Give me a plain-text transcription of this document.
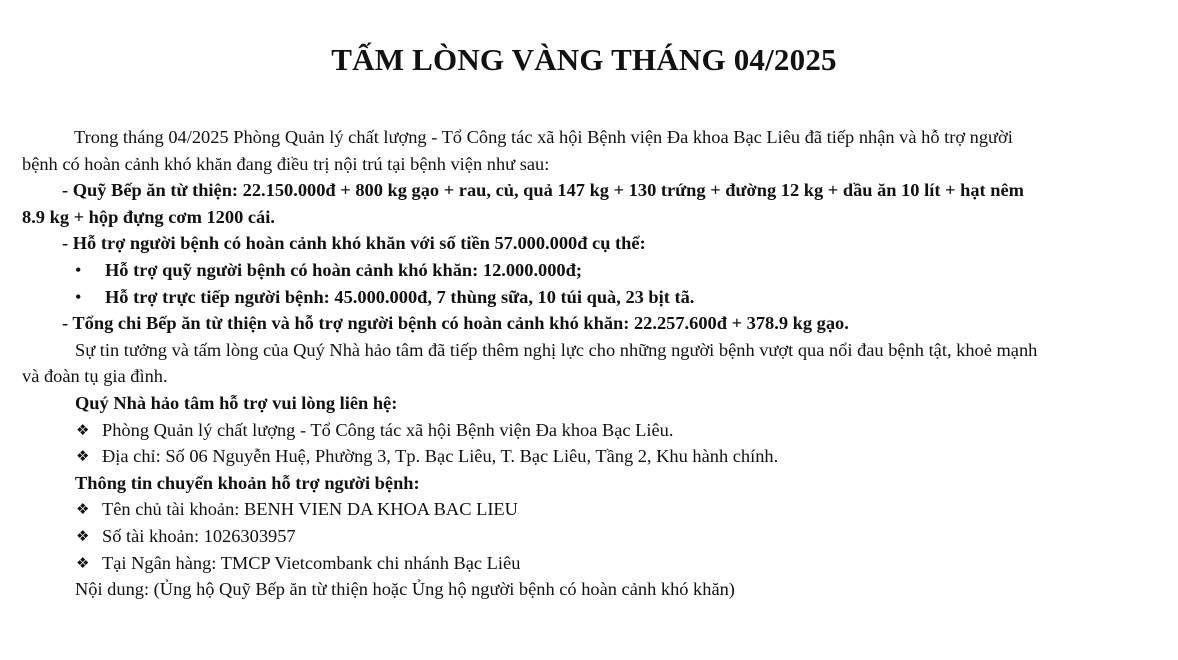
TẤM LÒNG VÀNG THÁNG 04/2025
Trong tháng 04/2025 Phòng Quản lý chất lượng - Tổ Công tác xã hội Bệnh viện Đa khoa Bạc Liêu đã tiếp nhận và hỗ trợ người
bệnh có hoàn cảnh khó khăn đang điều trị nội trú tại bệnh viện như sau:
- Quỹ Bếp ăn từ thiện: 22.150.000đ + 800 kg gạo + rau, củ, quả 147 kg + 130 trứng + đường 12 kg + dầu ăn 10 lít + hạt nêm
8.9 kg + hộp đựng cơm 1200 cái.
- Hỗ trợ người bệnh có hoàn cảnh khó khăn với số tiền 57.000.000đ cụ thể:
• Hỗ trợ quỹ người bệnh có hoàn cảnh khó khăn: 12.000.000đ;
• Hỗ trợ trực tiếp người bệnh: 45.000.000đ, 7 thùng sữa, 10 túi quà, 23 bịt tã.
- Tổng chi Bếp ăn từ thiện và hỗ trợ người bệnh có hoàn cảnh khó khăn: 22.257.600đ + 378.9 kg gạo.
Sự tin tưởng và tấm lòng của Quý Nhà hảo tâm đã tiếp thêm nghị lực cho những người bệnh vượt qua nổi đau bệnh tật, khoẻ mạnh
và đoàn tụ gia đình.
Quý Nhà hảo tâm hỗ trợ vui lòng liên hệ:
❖ Phòng Quản lý chất lượng - Tổ Công tác xã hội Bệnh viện Đa khoa Bạc Liêu.
❖ Địa chỉ: Số 06 Nguyễn Huệ, Phường 3, Tp. Bạc Liêu, T. Bạc Liêu, Tầng 2, Khu hành chính.
Thông tin chuyển khoản hỗ trợ người bệnh:
❖ Tên chủ tài khoản: BENH VIEN DA KHOA BAC LIEU
❖ Số tài khoản: 1026303957
❖ Tại Ngân hàng: TMCP Vietcombank chi nhánh Bạc Liêu
Nội dung: (Ủng hộ Quỹ Bếp ăn từ thiện hoặc Ủng hộ người bệnh có hoàn cảnh khó khăn)
